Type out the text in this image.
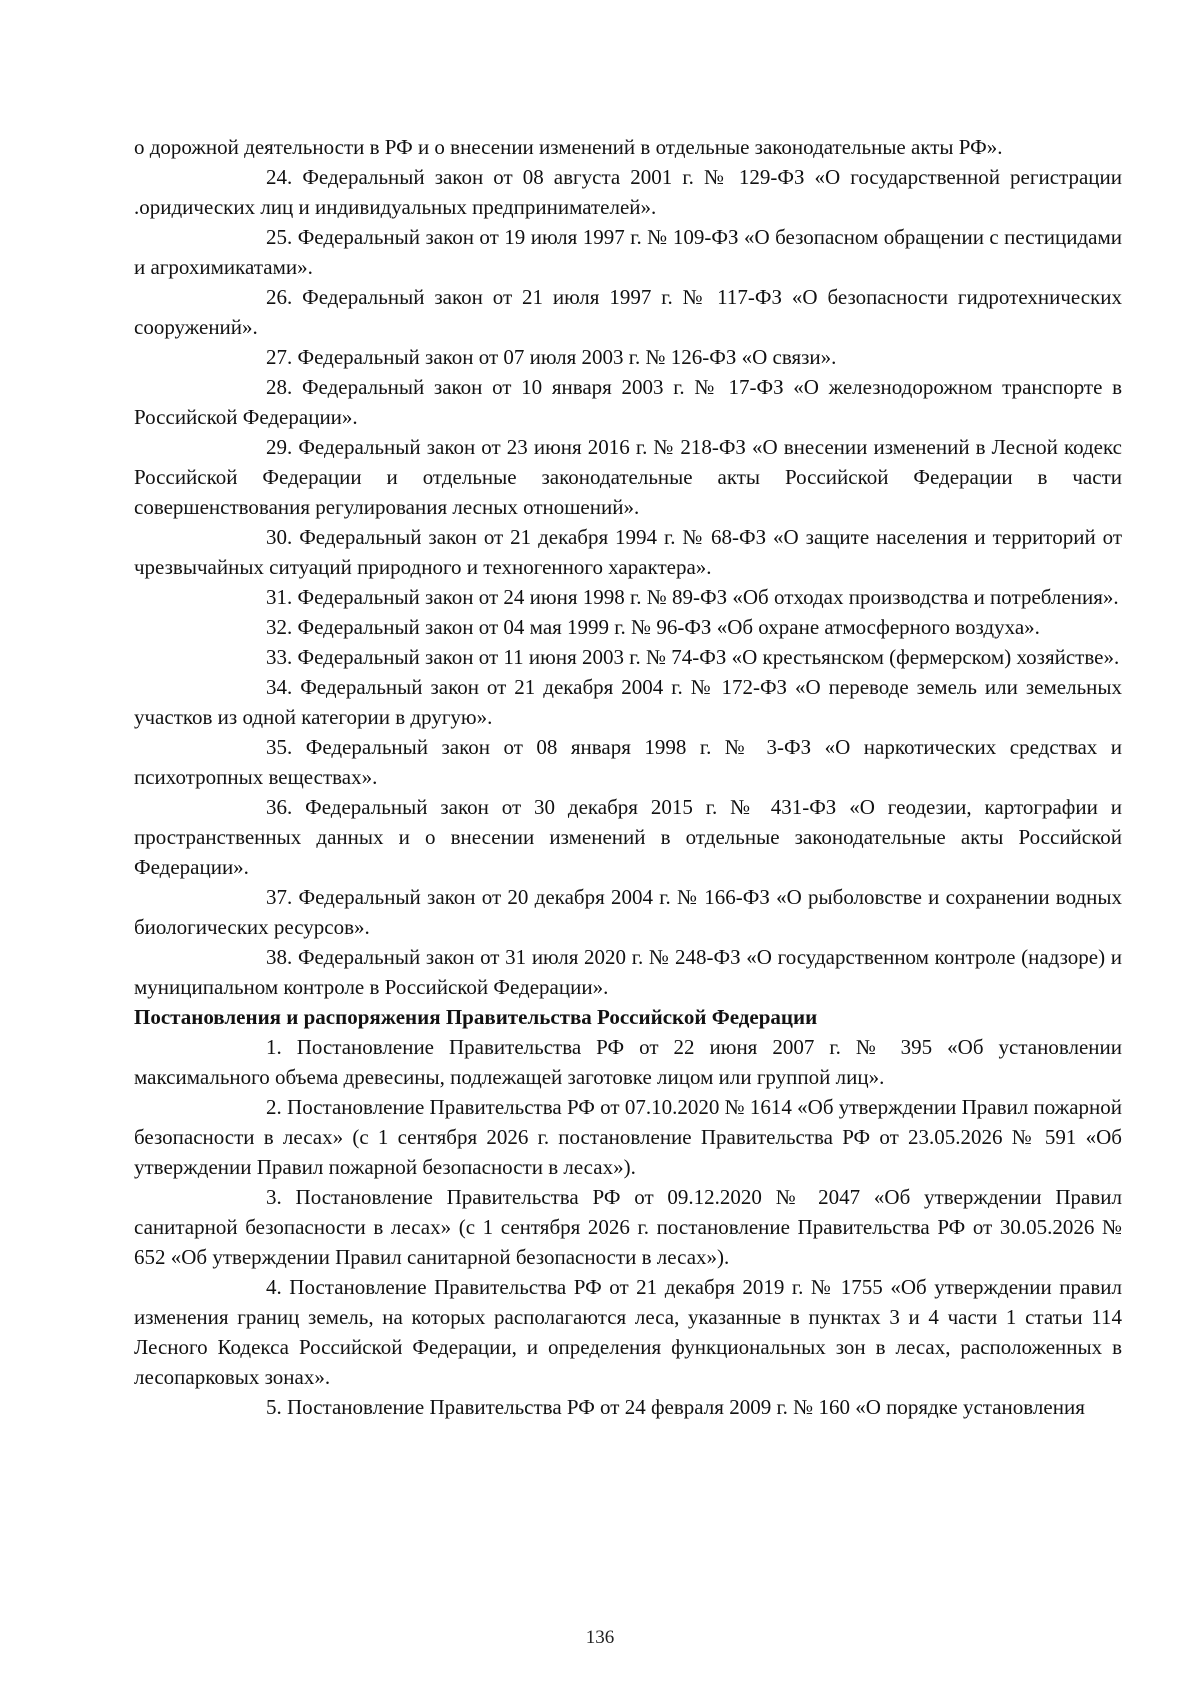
о дорожной деятельности в РФ и о внесении изменений в отдельные законодательные акты РФ».

24. Федеральный закон от 08 августа 2001 г. № 129-ФЗ «О государственной регистрации .оридических лиц и индивидуальных предпринимателей».

25. Федеральный закон от 19 июля 1997 г. № 109-ФЗ «О безопасном обращении с пестицидами и агрохимикатами».

26. Федеральный закон от 21 июля 1997 г. № 117-ФЗ «О безопасности гидротехнических сооружений».

27. Федеральный закон от 07 июля 2003 г. № 126-ФЗ «О связи».

28. Федеральный закон от 10 января 2003 г. № 17-ФЗ «О железнодорожном транспорте в Российской Федерации».

29. Федеральный закон от 23 июня 2016 г. № 218-ФЗ «О внесении изменений в Лесной кодекс Российской Федерации и отдельные законодательные акты Российской Федерации в части совершенствования регулирования лесных отношений».

30. Федеральный закон от 21 декабря 1994 г. № 68-ФЗ «О защите населения и территорий от чрезвычайных ситуаций природного и техногенного характера».

31. Федеральный закон от 24 июня 1998 г. № 89-ФЗ «Об отходах производства и потребления».

32. Федеральный закон от 04 мая 1999 г. № 96-ФЗ «Об охране атмосферного воздуха».

33. Федеральный закон от 11 июня 2003 г. № 74-ФЗ «О крестьянском (фермерском) хозяйстве».

34. Федеральный закон от 21 декабря 2004 г. № 172-ФЗ «О переводе земель или земельных участков из одной категории в другую».

35. Федеральный закон от 08 января 1998 г. № 3-ФЗ «О наркотических средствах и психотропных веществах».

36. Федеральный закон от 30 декабря 2015 г. № 431-ФЗ «О геодезии, картографии и пространственных данных и о внесении изменений в отдельные законодательные акты Российской Федерации».

37. Федеральный закон от 20 декабря 2004 г. № 166-ФЗ «О рыболовстве и сохранении водных биологических ресурсов».

38. Федеральный закон от 31 июля 2020 г. № 248-ФЗ «О государственном контроле (надзоре) и муниципальном контроле в Российской Федерации».

Постановления и распоряжения Правительства Российской Федерации

1. Постановление Правительства РФ от 22 июня 2007 г. № 395 «Об установлении максимального объема древесины, подлежащей заготовке лицом или группой лиц».

2. Постановление Правительства РФ от 07.10.2020 № 1614 «Об утверждении Правил пожарной безопасности в лесах» (с 1 сентября 2026 г. постановление Правительства РФ от 23.05.2026 № 591 «Об утверждении Правил пожарной безопасности в лесах»).

3. Постановление Правительства РФ от 09.12.2020 № 2047 «Об утверждении Правил санитарной безопасности в лесах» (с 1 сентября 2026 г. постановление Правительства РФ от 30.05.2026 № 652 «Об утверждении Правил санитарной безопасности в лесах»).

4. Постановление Правительства РФ от 21 декабря 2019 г. № 1755 «Об утверждении правил изменения границ земель, на которых располагаются леса, указанные в пунктах 3 и 4 части 1 статьи 114 Лесного Кодекса Российской Федерации, и определения функциональных зон в лесах, расположенных в лесопарковых зонах».

5. Постановление Правительства РФ от 24 февраля 2009 г. № 160 «О порядке установления

136
